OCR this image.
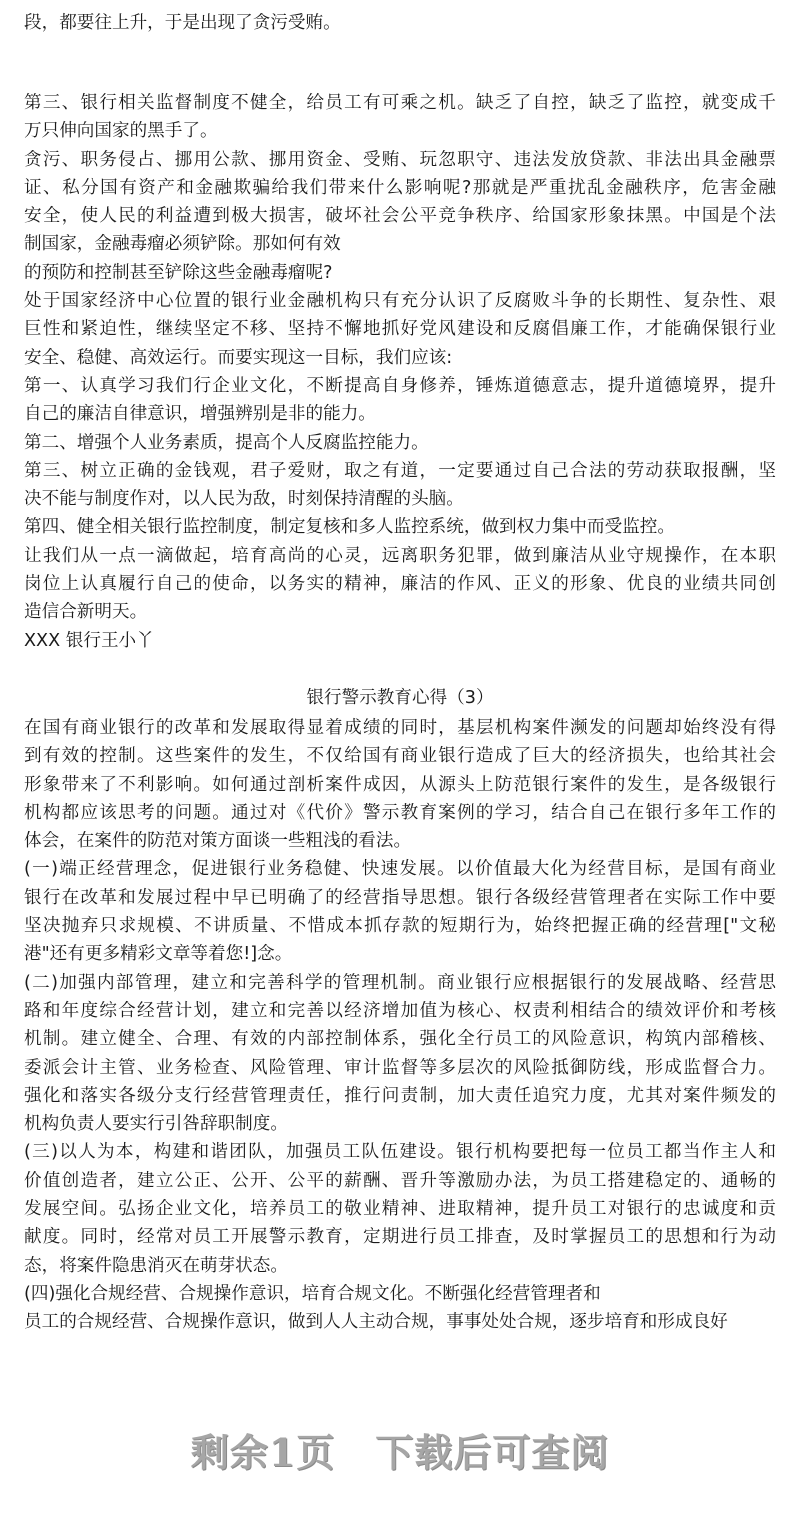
段，都要往上升，于是出现了贪污受贿。
第三、银行相关监督制度不健全，给员工有可乘之机。缺乏了自控，缺乏了监控，就变成千
万只伸向国家的黑手了。
贪污、职务侵占、挪用公款、挪用资金、受贿、玩忽职守、违法发放贷款、非法出具金融票
证、私分国有资产和金融欺骗给我们带来什么影响呢?那就是严重扰乱金融秩序，危害金融
安全，使人民的利益遭到极大损害，破坏社会公平竞争秩序、给国家形象抹黑。中国是个法
制国家，金融毒瘤必须铲除。那如何有效
的预防和控制甚至铲除这些金融毒瘤呢?
处于国家经济中心位置的银行业金融机构只有充分认识了反腐败斗争的长期性、复杂性、艰
巨性和紧迫性，继续坚定不移、坚持不懈地抓好党风建设和反腐倡廉工作，才能确保银行业
安全、稳健、高效运行。而要实现这一目标，我们应该:
第一、认真学习我们行企业文化，不断提高自身修养，锤炼道德意志，提升道德境界，提升
自己的廉洁自律意识，增强辨别是非的能力。
第二、增强个人业务素质，提高个人反腐监控能力。
第三、树立正确的金钱观，君子爱财，取之有道，一定要通过自己合法的劳动获取报酬，坚
决不能与制度作对，以人民为敌，时刻保持清醒的头脑。
第四、健全相关银行监控制度，制定复核和多人监控系统，做到权力集中而受监控。
让我们从一点一滴做起，培育高尚的心灵，远离职务犯罪，做到廉洁从业守规操作，在本职
岗位上认真履行自己的使命，以务实的精神，廉洁的作风、正义的形象、优良的业绩共同创
造信合新明天。
XXX 银行王小丫
银行警示教育心得（3）
在国有商业银行的改革和发展取得显着成绩的同时，基层机构案件濒发的问题却始终没有得
到有效的控制。这些案件的发生，不仅给国有商业银行造成了巨大的经济损失，也给其社会
形象带来了不利影响。如何通过剖析案件成因，从源头上防范银行案件的发生，是各级银行
机构都应该思考的问题。通过对《代价》警示教育案例的学习，结合自己在银行多年工作的
体会，在案件的防范对策方面谈一些粗浅的看法。
(一)端正经营理念，促进银行业务稳健、快速发展。以价值最大化为经营目标，是国有商业
银行在改革和发展过程中早已明确了的经营指导思想。银行各级经营管理者在实际工作中要
坚决抛弃只求规模、不讲质量、不惜成本抓存款的短期行为，始终把握正确的经营理["文秘
港"还有更多精彩文章等着您!]念。
(二)加强内部管理，建立和完善科学的管理机制。商业银行应根据银行的发展战略、经营思
路和年度综合经营计划，建立和完善以经济增加值为核心、权责利相结合的绩效评价和考核
机制。建立健全、合理、有效的内部控制体系，强化全行员工的风险意识，构筑内部稽核、
委派会计主管、业务检查、风险管理、审计监督等多层次的风险抵御防线，形成监督合力。
强化和落实各级分支行经营管理责任，推行问责制，加大责任追究力度，尤其对案件频发的
机构负责人要实行引咎辞职制度。
(三)以人为本，构建和谐团队，加强员工队伍建设。银行机构要把每一位员工都当作主人和
价值创造者，建立公正、公开、公平的薪酬、晋升等激励办法，为员工搭建稳定的、通畅的
发展空间。弘扬企业文化，培养员工的敬业精神、进取精神，提升员工对银行的忠诚度和贡
献度。同时，经常对员工开展警示教育，定期进行员工排查，及时掌握员工的思想和行为动
态，将案件隐患消灭在萌芽状态。
(四)强化合规经营、合规操作意识，培育合规文化。不断强化经营管理者和
员工的合规经营、合规操作意识，做到人人主动合规，事事处处合规，逐步培育和形成良好
剩余1页 下载后可查阅
